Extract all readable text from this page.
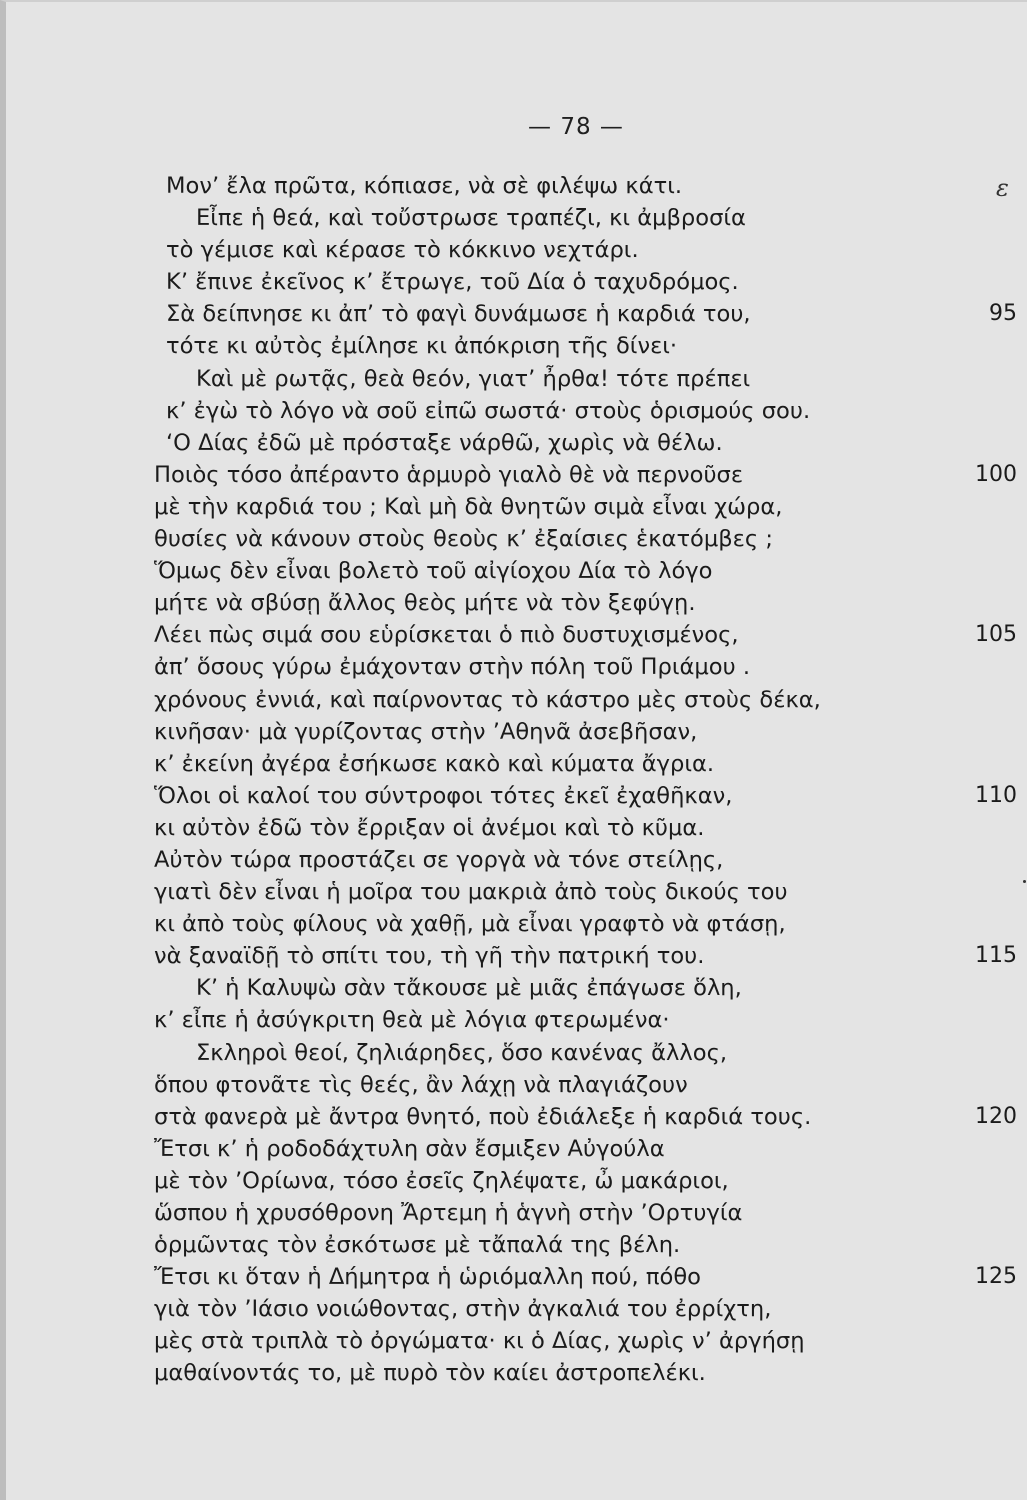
— 78 —
ε
Μον’ ἔλα πρῶτα, κόπιασε, νὰ σὲ φιλέψω κάτι.
Εἶπε ἡ θεά, καὶ τοὔστρωσε τραπέζι, κι ἀμβροσία
τὸ γέμισε καὶ κέρασε τὸ κόκκινο νεχτάρι.
Κ’ ἔπινε ἐκεῖνος κ’ ἔτρωγε, τοῦ Δία ὁ ταχυδρόμος.
Σὰ δείπνησε κι ἀπ’ τὸ φαγὶ δυνάμωσε ἡ καρδιά του,	95
τότε κι αὐτὸς ἐμίλησε κι ἀπόκριση τῆς δίνει·
Καὶ μὲ ρωτᾷς, θεὰ θεόν, γιατ’ ἦρθα! τότε πρέπει
κ’ ἐγὼ τὸ λόγο νὰ σοῦ εἰπῶ σωστά· στοὺς ὁρισμούς σου.
‘Ο Δίας ἐδῶ μὲ πρόσταξε νάρθῶ, χωρὶς νὰ θέλω.
Ποιὸς τόσο ἀπέραντο ἁρμυρὸ γιαλὸ θὲ νὰ περνοῦσε	100
μὲ τὴν καρδιά του ; Καὶ μὴ δὰ θνητῶν σιμὰ εἶναι χώρα,
θυσίες νὰ κάνουν στοὺς θεοὺς κ’ ἐξαίσιες ἑκατόμβες ;
Ὅμως δὲν εἶναι βολετὸ τοῦ αἰγίοχου Δία τὸ λόγο
μήτε νὰ σβύσῃ ἄλλος θεὸς μήτε νὰ τὸν ξεφύγῃ.
Λέει πὼς σιμά σου εὑρίσκεται ὁ πιὸ δυστυχισμένος,	105
ἀπ’ ὅσους γύρω ἐμάχονταν στὴν πόλη τοῦ Πριάμου .
χρόνους ἐννιά, καὶ παίρνοντας τὸ κάστρο μὲς στοὺς δέκα,
κινῆσαν· μὰ γυρίζοντας στὴν ’Αθηνᾶ ἀσεβῆσαν,
κ’ ἐκείνη ἀγέρα ἐσήκωσε κακὸ καὶ κύματα ἄγρια.
Ὅλοι οἱ καλοί του σύντροφοι τότες ἐκεῖ ἐχαθῆκαν,	110
κι αὐτὸν ἐδῶ τὸν ἔρριξαν οἱ ἀνέμοι καὶ τὸ κῦμα.
Αὐτὸν τώρα προστάζει σε γοργὰ νὰ τόνε στείλῃς,
γιατὶ δὲν εἶναι ἡ μοῖρα του μακριὰ ἀπὸ τοὺς δικούς του
κι ἀπὸ τοὺς φίλους νὰ χαθῇ, μὰ εἶναι γραφτὸ νὰ φτάσῃ,
νὰ ξαναϊδῇ τὸ σπίτι του, τὴ γῆ τὴν πατρική του.	115
Κ’ ἡ Καλυψὼ σὰν τἄκουσε μὲ μιᾶς ἐπάγωσε ὅλη,
κ’ εἶπε ἡ ἀσύγκριτη θεὰ μὲ λόγια φτερωμένα·
Σκληροὶ θεοί, ζηλιάρηδες, ὅσο κανένας ἄλλος,
ὅπου φτονᾶτε τὶς θεές, ἂν λάχῃ νὰ πλαγιάζουν
στὰ φανερὰ μὲ ἄντρα θνητό, ποὺ ἐδιάλεξε ἡ καρδιά τους.	120
Ἔτσι κ’ ἡ ροδοδάχτυλη σὰν ἔσμιξεν Αὐγούλα
μὲ τὸν ’Ορίωνα, τόσο ἐσεῖς ζηλέψατε, ὦ μακάριοι,
ὥσπου ἡ χρυσόθρονη Ἄρτεμη ἡ ἁγνὴ στὴν ’Ορτυγία
ὁρμῶντας τὸν ἐσκότωσε μὲ τἄπαλά της βέλη.
Ἔτσι κι ὅταν ἡ Δήμητρα ἡ ὡριόμαλλη πού, πόθο	125
γιὰ τὸν ’Ιάσιο νοιώθοντας, στὴν ἀγκαλιά του ἐρρίχτη,
μὲς στὰ τριπλὰ τὸ ὀργώματα· κι ὁ Δίας, χωρὶς ν’ ἀργήσῃ
μαθαίνοντάς το, μὲ πυρὸ τὸν καίει ἀστροπελέκι.
